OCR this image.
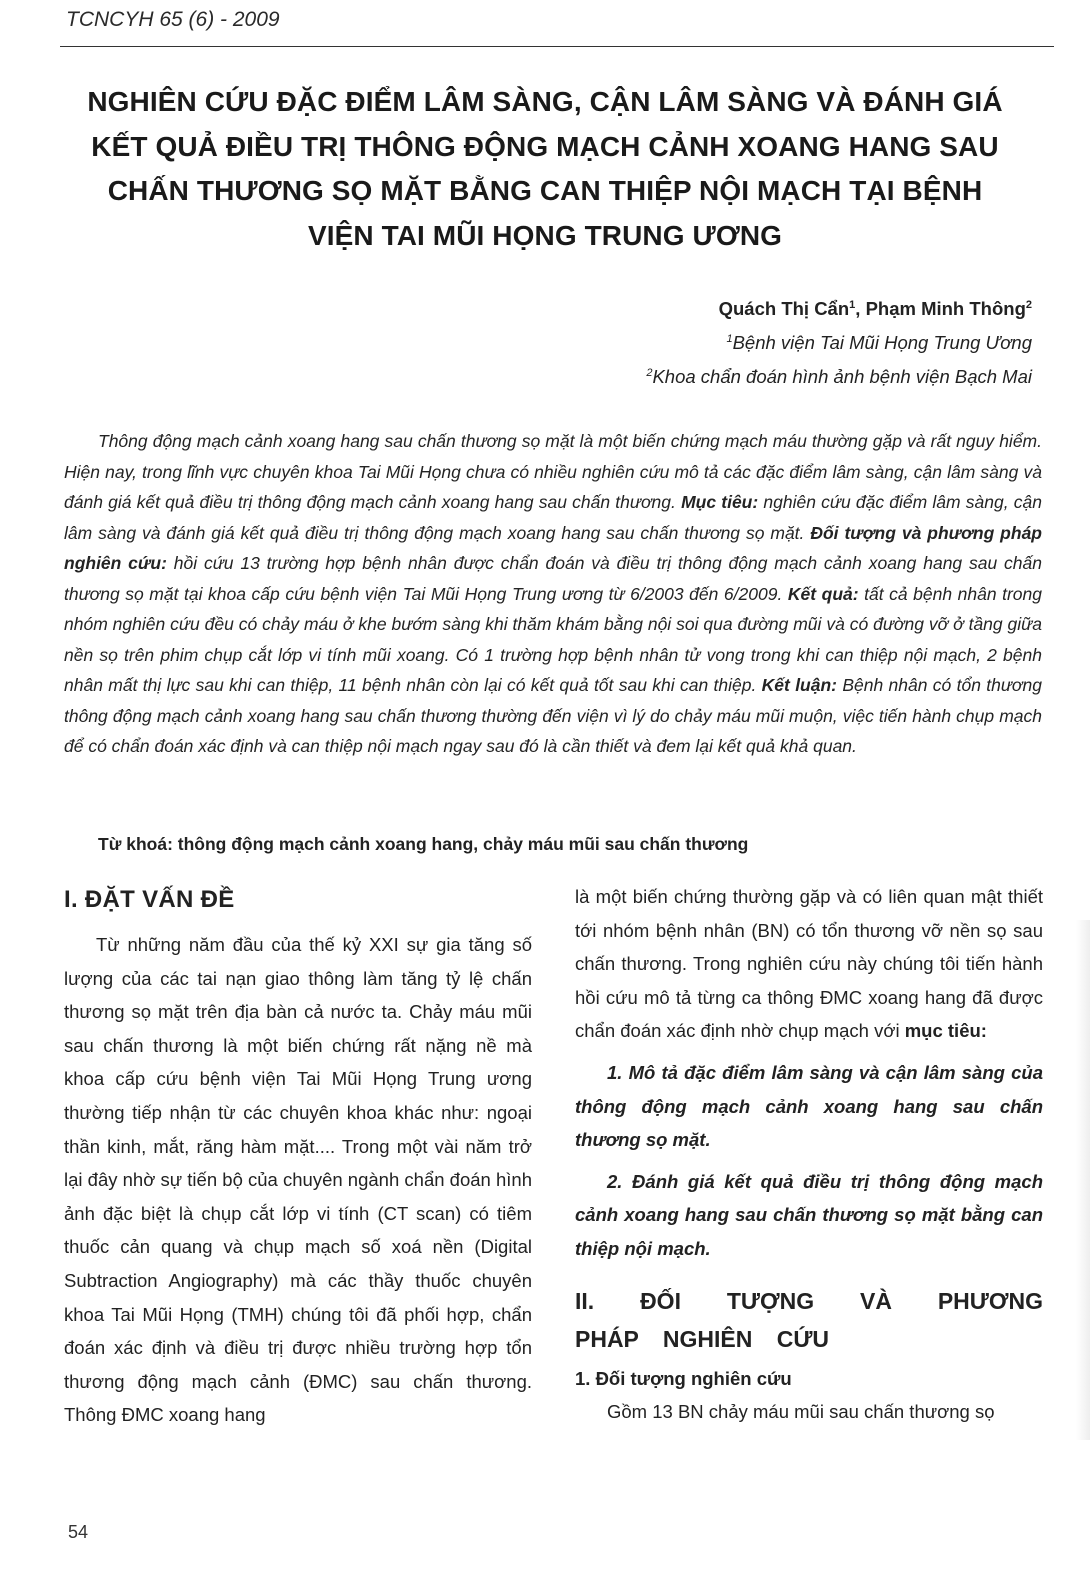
TCNCYH 65 (6) - 2009
NGHIÊN CỨU ĐẶC ĐIỂM LÂM SÀNG, CẬN LÂM SÀNG VÀ ĐÁNH GIÁ
KẾT QUẢ ĐIỀU TRỊ THÔNG ĐỘNG MẠCH CẢNH XOANG HANG SAU
CHẤN THƯƠNG SỌ MẶT BẰNG CAN THIỆP NỘI MẠCH TẠI BỆNH
VIỆN TAI MŨI HỌNG TRUNG ƯƠNG
Quách Thị Cẩn$^1$, Phạm Minh Thông$^2$
$^1$Bệnh viện Tai Mũi Họng Trung Ương
$^2$Khoa chẩn đoán hình ảnh bệnh viện Bạch Mai
Thông động mạch cảnh xoang hang sau chấn thương sọ mặt là một biến chứng mạch máu thường gặp và rất nguy hiểm. Hiện nay, trong lĩnh vực chuyên khoa Tai Mũi Họng chưa có nhiều nghiên cứu mô tả các đặc điểm lâm sàng, cận lâm sàng và đánh giá kết quả điều trị thông động mạch cảnh xoang hang sau chấn thương. Mục tiêu: nghiên cứu đặc điểm lâm sàng, cận lâm sàng và đánh giá kết quả điều trị thông động mạch xoang hang sau chấn thương sọ mặt. Đối tượng và phương pháp nghiên cứu: hồi cứu 13 trường hợp bệnh nhân được chẩn đoán và điều trị thông động mạch cảnh xoang hang sau chấn thương sọ mặt tại khoa cấp cứu bệnh viện Tai Mũi Họng Trung ương từ 6/2003 đến 6/2009. Kết quả: tất cả bệnh nhân trong nhóm nghiên cứu đều có chảy máu ở khe bướm sàng khi thăm khám bằng nội soi qua đường mũi và có đường vỡ ở tầng giữa nền sọ trên phim chụp cắt lớp vi tính mũi xoang. Có 1 trường hợp bệnh nhân tử vong trong khi can thiệp nội mạch, 2 bệnh nhân mất thị lực sau khi can thiệp, 11 bệnh nhân còn lại có kết quả tốt sau khi can thiệp. Kết luận: Bệnh nhân có tổn thương thông động mạch cảnh xoang hang sau chấn thương thường đến viện vì lý do chảy máu mũi muộn, việc tiến hành chụp mạch để có chẩn đoán xác định và can thiệp nội mạch ngay sau đó là cần thiết và đem lại kết quả khả quan.
Từ khoá: thông động mạch cảnh xoang hang, chảy máu mũi sau chấn thương
I. ĐẶT VẤN ĐỀ

Từ những năm đầu của thế kỷ XXI sự gia tăng số lượng của các tai nạn giao thông làm tăng tỷ lệ chấn thương sọ mặt trên địa bàn cả nước ta. Chảy máu mũi sau chấn thương là một biến chứng rất nặng nề mà khoa cấp cứu bệnh viện Tai Mũi Họng Trung ương thường tiếp nhận từ các chuyên khoa khác như: ngoại thần kinh, mắt, răng hàm mặt.... Trong một vài năm trở lại đây nhờ sự tiến bộ của chuyên ngành chẩn đoán hình ảnh đặc biệt là chụp cắt lớp vi tính (CT scan) có tiêm thuốc cản quang và chụp mạch số xoá nền (Digital Subtraction Angiography) mà các thầy thuốc chuyên khoa Tai Mũi Họng (TMH) chúng tôi đã phối hợp, chẩn đoán xác định và điều trị được nhiều trường hợp tổn thương động mạch cảnh (ĐMC) sau chấn thương. Thông ĐMC xoang hang

là một biến chứng thường gặp và có liên quan mật thiết tới nhóm bệnh nhân (BN) có tổn thương vỡ nền sọ sau chấn thương. Trong nghiên cứu này chúng tôi tiến hành hồi cứu mô tả từng ca thông ĐMC xoang hang đã được chẩn đoán xác định nhờ chụp mạch với mục tiêu:

1. Mô tả đặc điểm lâm sàng và cận lâm sàng của thông động mạch cảnh xoang hang sau chấn thương sọ mặt.

2. Đánh giá kết quả điều trị thông động mạch cảnh xoang hang sau chấn thương sọ mặt bằng can thiệp nội mạch.

II. ĐỐI TƯỢNG VÀ PHƯƠNG PHÁP NGHIÊN CỨU
1. Đối tượng nghiên cứu

Gồm 13 BN chảy máu mũi sau chấn thương sọ

54
